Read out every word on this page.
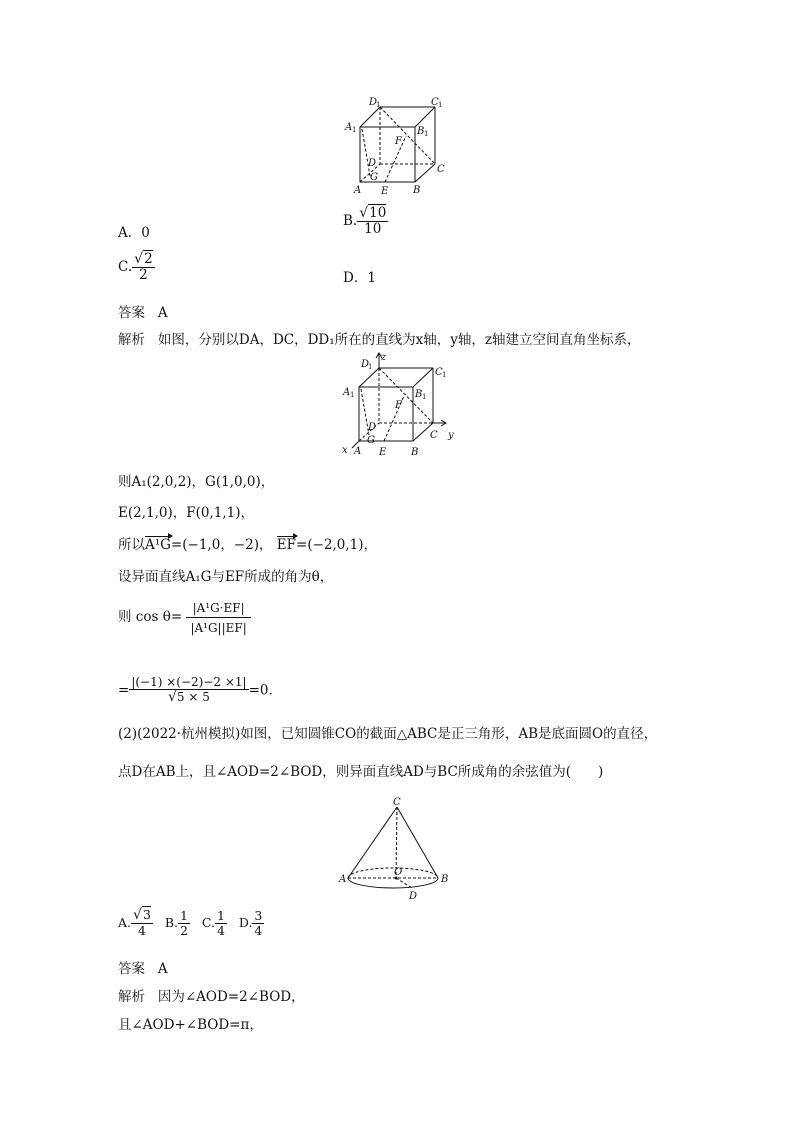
D
1	C 1
A 1	B 1
F
D
C
G
A E B
A．0
B. $\frac{√10}{10}$
C. $\frac{√2}{2}$	D．1
答案 A
解析 如图，分别以DA，DC，DD₁所在的直线为x轴，y轴，z轴建立空间直角坐标系，
z
D
1	C 1
A 1	B 1
F
D
C y
G
x A E B
则A₁(2,0,2)，G(1,0,0)，
E(2,1,0)，F(0,1,1)，
所以A¹G=(−1,0，−2)， EF=(−2,0,1)，
设异面直线A₁G与EF所成的角为θ，
则 $\cos \theta= \frac{\text{|A¹G·EF|}}{\text{|A¹G||EF|}}$
= $\frac{|(-1) \times(-2)-2 \times 1|}{√5 \times 5} =0$.
(2)(2022·杭州模拟)如图，已知圆锥CO的截面△ABC是正三角形，AB是底面圆O的直径，
点D在AB上，且∠AOD=2∠BOD，则异面直线AD与BC所成角的余弦值为(　　)
C
O
A	B
D
A. $\frac{√3}{4} B$. $\frac{1}{2} C$. $\frac{1}{4} D$. $\frac{3}{4}$
答案 A
解析 因为∠AOD=2∠BOD，
且∠AOD+∠BOD=π，
